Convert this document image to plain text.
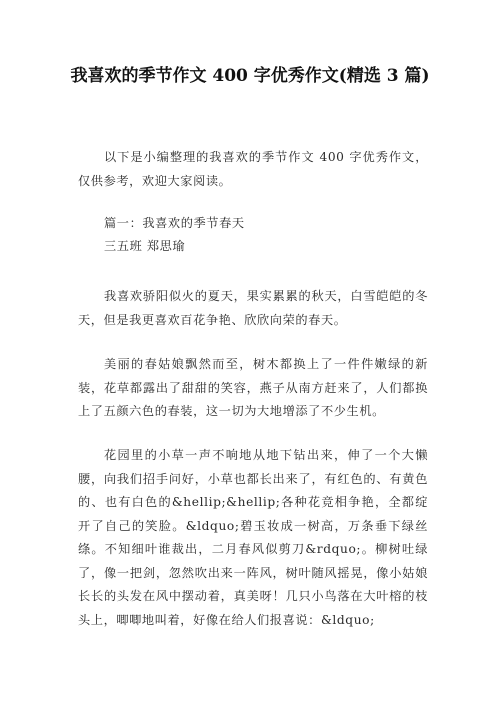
我喜欢的季节作文 400 字优秀作文(精选 3 篇)

以下是小编整理的我喜欢的季节作文 400 字优秀作文，仅供参考，欢迎大家阅读。

篇一：我喜欢的季节春天

三五班 郑思瑜

我喜欢骄阳似火的夏天，果实累累的秋天，白雪皑皑的冬天，但是我更喜欢百花争艳、欣欣向荣的春天。

美丽的春姑娘飘然而至，树木都换上了一件件嫩绿的新装，花草都露出了甜甜的笑容，燕子从南方赶来了，人们都换上了五颜六色的春装，这一切为大地增添了不少生机。

花园里的小草一声不响地从地下钻出来，伸了一个大懒腰，向我们招手问好，小草也都长出来了，有红色的、有黄色的、也有白色的&hellip;&hellip;各种花竞相争艳，全都绽开了自己的笑脸。&ldquo;碧玉妆成一树高，万条垂下绿丝绦。不知细叶谁裁出，二月春风似剪刀&rdquo;。柳树吐绿了，像一把剑，忽然吹出来一阵风，树叶随风摇晃，像小姑娘长长的头发在风中摆动着，真美呀！几只小鸟落在大叶榕的枝头上，唧唧地叫着，好像在给人们报喜说：&ldquo;
